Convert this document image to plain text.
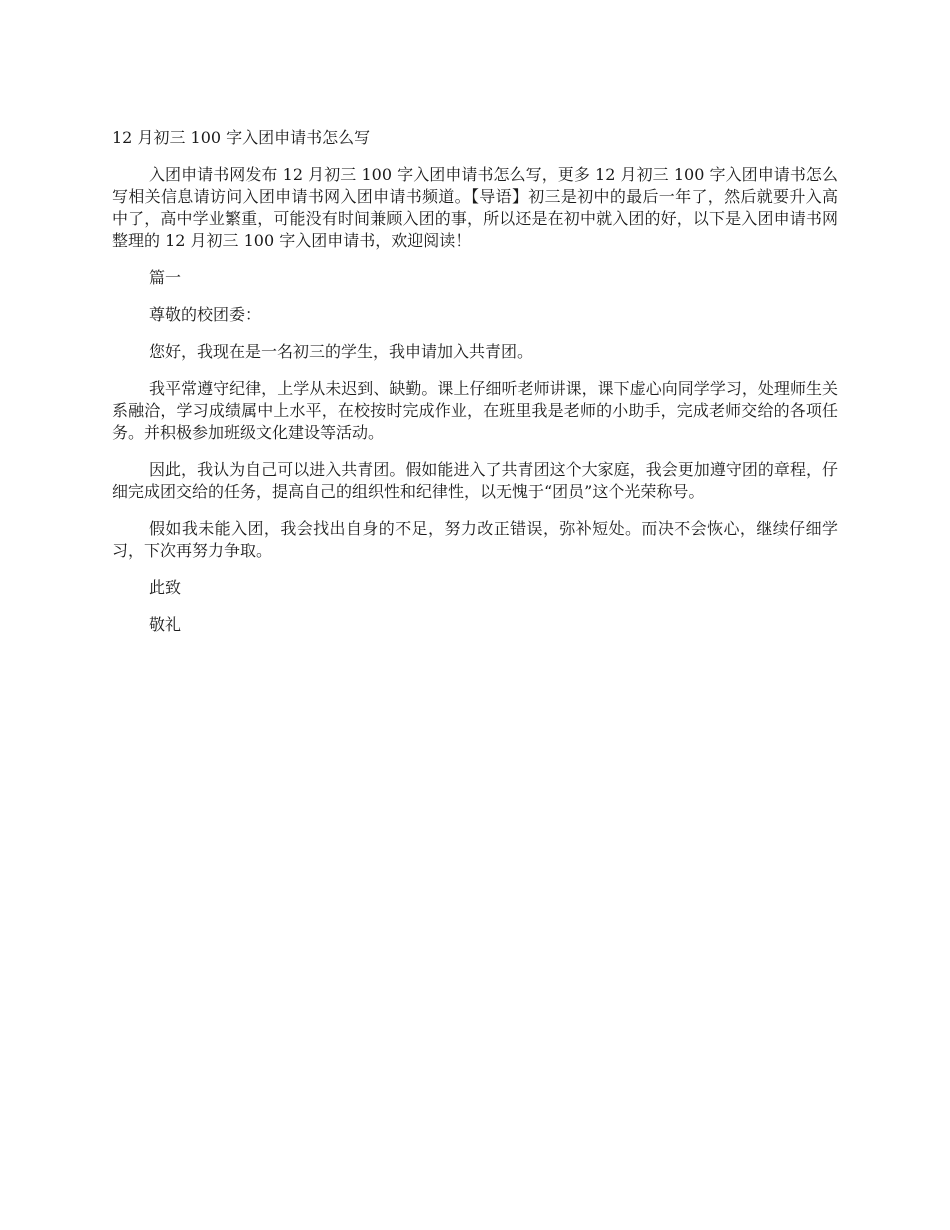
12 月初三 100 字入团申请书怎么写

入团申请书网发布 12 月初三 100 字入团申请书怎么写，更多 12 月初三 100 字入团申请书怎么写相关信息请访问入团申请书网入团申请书频道。【导语】初三是初中的最后一年了，然后就要升入高中了，高中学业繁重，可能没有时间兼顾入团的事，所以还是在初中就入团的好，以下是入团申请书网整理的 12 月初三 100 字入团申请书，欢迎阅读！

篇一

尊敬的校团委：

您好，我现在是一名初三的学生，我申请加入共青团。

我平常遵守纪律，上学从未迟到、缺勤。课上仔细听老师讲课，课下虚心向同学学习，处理师生关系融洽，学习成绩属中上水平，在校按时完成作业，在班里我是老师的小助手，完成老师交给的各项任务。并积极参加班级文化建设等活动。

因此，我认为自己可以进入共青团。假如能进入了共青团这个大家庭，我会更加遵守团的章程，仔细完成团交给的任务，提高自己的组织性和纪律性，以无愧于“团员”这个光荣称号。

假如我未能入团，我会找出自身的不足，努力改正错误，弥补短处。而决不会恢心，继续仔细学习，下次再努力争取。

此致

敬礼
